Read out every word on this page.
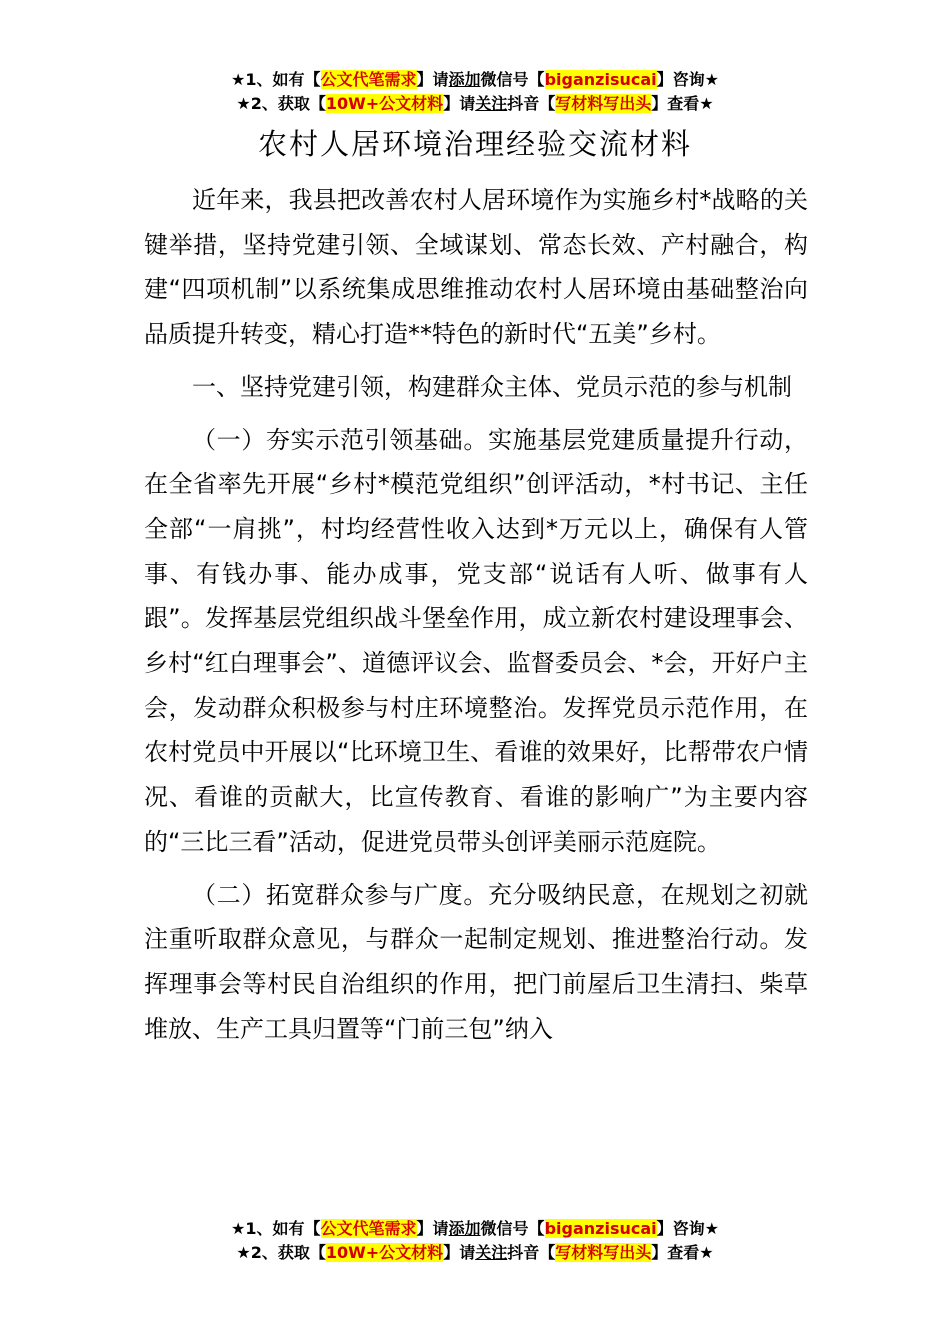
★1、如有【公文代笔需求】请添加微信号【biganzisucai】咨询★
★2、获取【10W+公文材料】请关注抖音【写材料写出头】查看★
农村人居环境治理经验交流材料

近年来，我县把改善农村人居环境作为实施乡村*战略的关键举措，坚持党建引领、全域谋划、常态长效、产村融合，构建“四项机制”以系统集成思维推动农村人居环境由基础整治向品质提升转变，精心打造**特色的新时代“五美”乡村。

一、坚持党建引领，构建群众主体、党员示范的参与机制

（一）夯实示范引领基础。实施基层党建质量提升行动，在全省率先开展“乡村*模范党组织”创评活动，*村书记、主任全部“一肩挑”，村均经营性收入达到*万元以上，确保有人管事、有钱办事、能办成事，党支部“说话有人听、做事有人跟”。发挥基层党组织战斗堡垒作用，成立新农村建设理事会、乡村“红白理事会”、道德评议会、监督委员会、*会，开好户主会，发动群众积极参与村庄环境整治。发挥党员示范作用，在农村党员中开展以“比环境卫生、看谁的效果好，比帮带农户情况、看谁的贡献大，比宣传教育、看谁的影响广”为主要内容的“三比三看”活动，促进党员带头创评美丽示范庭院。

（二）拓宽群众参与广度。充分吸纳民意，在规划之初就注重听取群众意见，与群众一起制定规划、推进整治行动。发挥理事会等村民自治组织的作用，把门前屋后卫生清扫、柴草堆放、生产工具归置等“门前三包”纳入

★1、如有【公文代笔需求】请添加微信号【biganzisucai】咨询★
★2、获取【10W+公文材料】请关注抖音【写材料写出头】查看★
